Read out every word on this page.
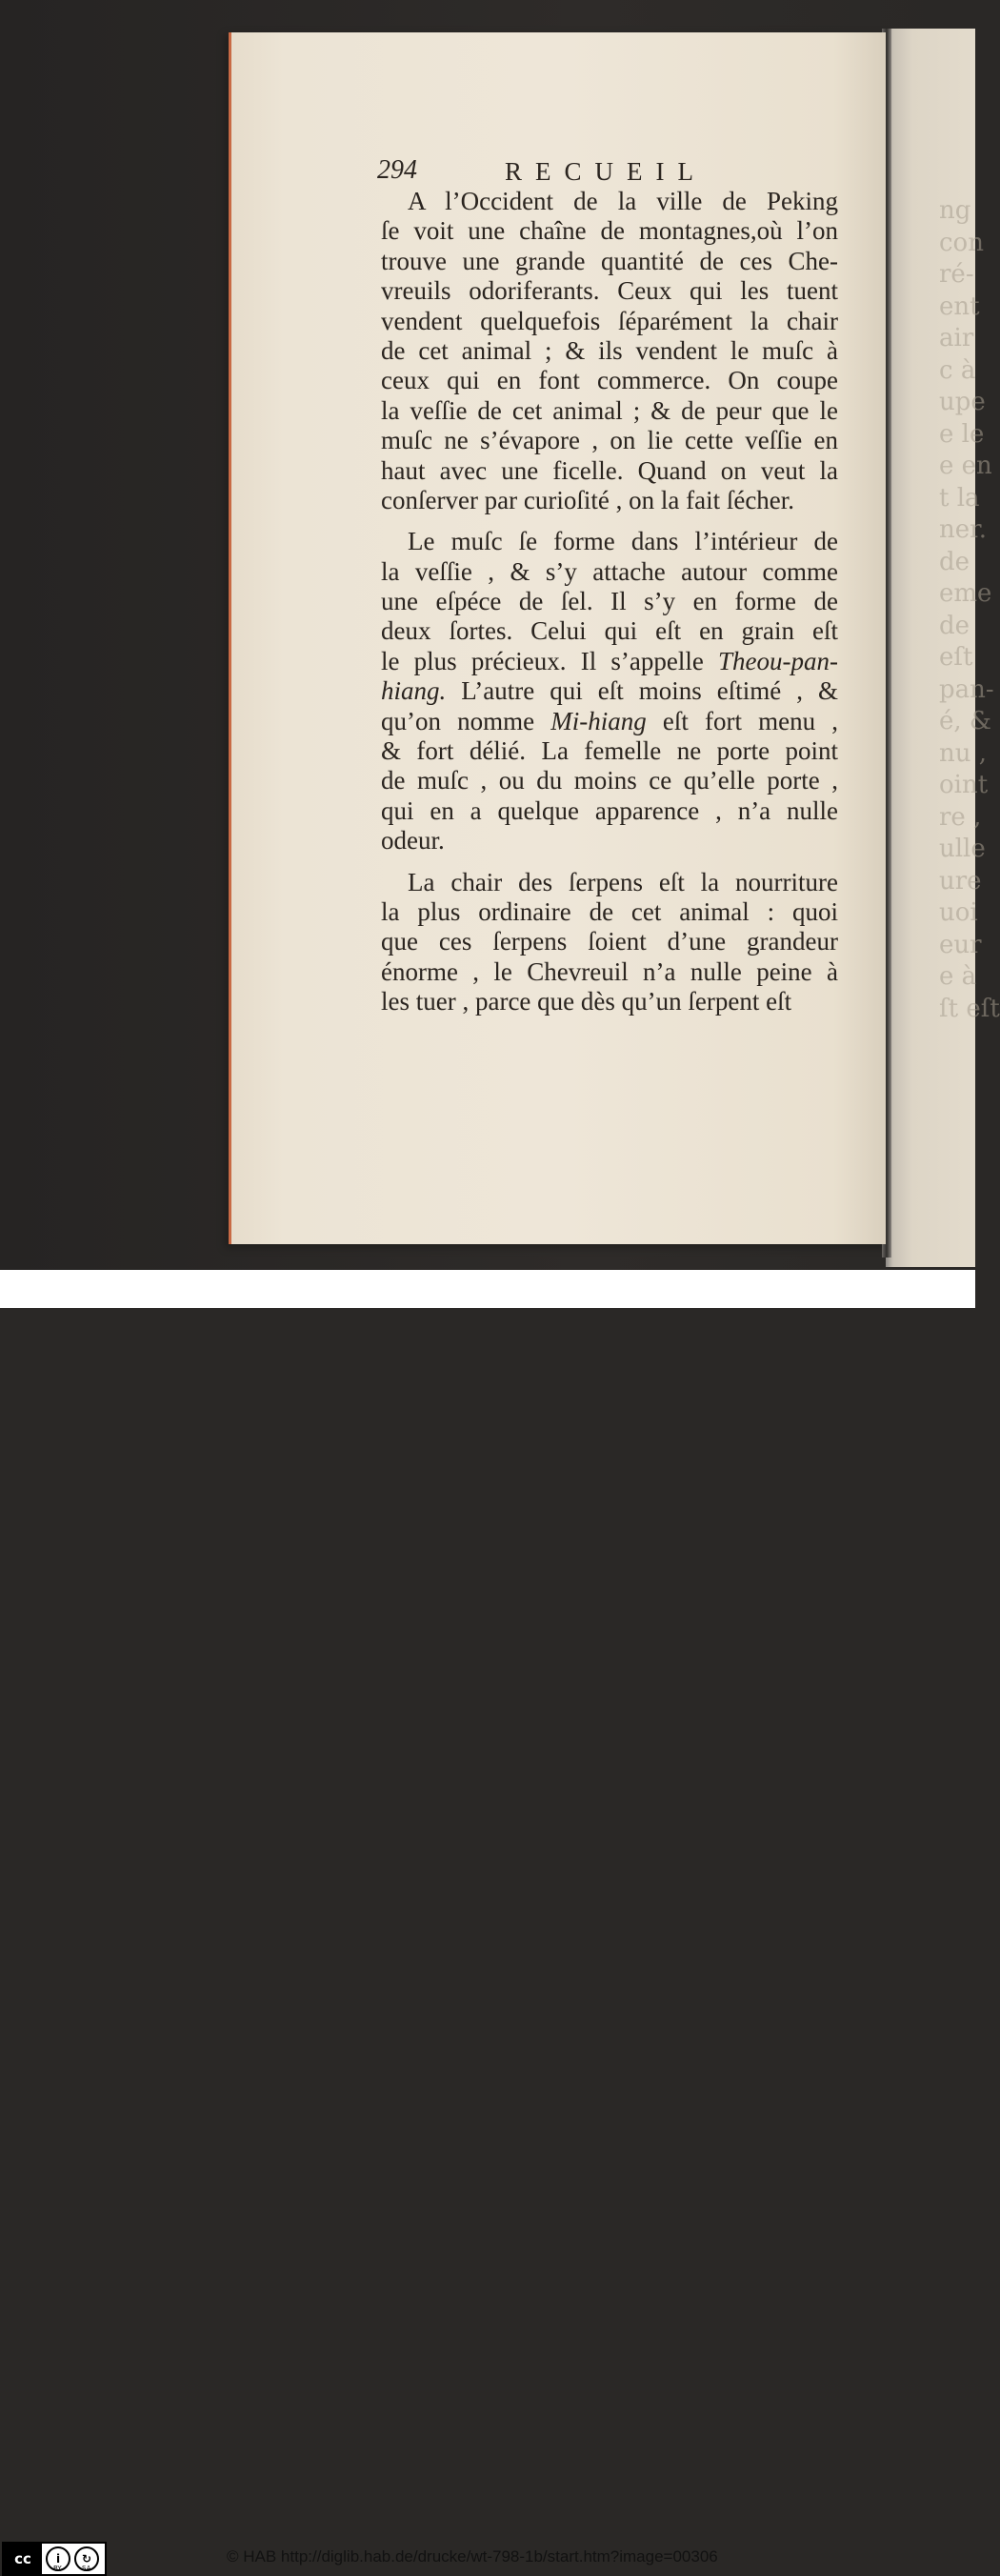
ng
con
ré-
ent
air
c à
upe
e le
e en
t la
ner.
de
eme
de
eſt
pan-
é, &
nu ,
oint
re ,
ulle
ure
uoi
eur
e à
ſt eſt
294	RECUEIL
A l’Occident de la ville de Peking
ſe voit une chaîne de montagnes,où l’on
trouve une grande quantité de ces Che-
vreuils odoriferants. Ceux qui les tuent
vendent quelquefois ſéparément la chair
de cet animal ; & ils vendent le muſc à
ceux qui en font commerce. On coupe
la veſſie de cet animal ; & de peur que le
muſc ne s’évapore , on lie cette veſſie en
haut avec une ficelle. Quand on veut la
conſerver par curioſité , on la fait ſécher.
Le muſc ſe forme dans l’intérieur de
la veſſie , & s’y attache autour comme
une eſpéce de ſel. Il s’y en forme de
deux ſortes. Celui qui eſt en grain eſt
le plus précieux. Il s’appelle Theou-pan-
hiang. L’autre qui eſt moins eſtimé , &
qu’on nomme Mi-hiang eſt fort menu ,
& fort délié. La femelle ne porte point
de muſc , ou du moins ce qu’elle porte ,
qui en a quelque apparence , n’a nulle
odeur.
La chair des ſerpens eſt la nourriture
la plus ordinaire de cet animal : quoi
que ces ſerpens ſoient d’une grandeur
énorme , le Chevreuil n’a nulle peine à
les tuer , parce que dès qu’un ſerpent eſt
cc	i	↻
BY	SA
© HAB http://diglib.hab.de/drucke/wt-798-1b/start.htm?image=00306
